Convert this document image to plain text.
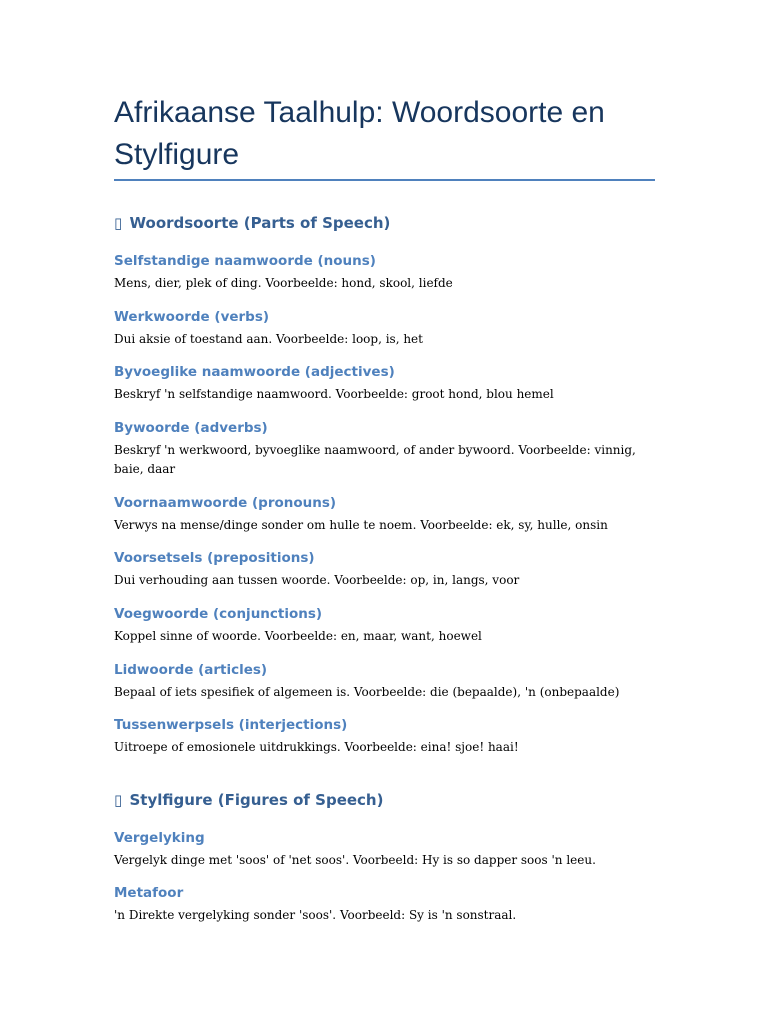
Afrikaanse Taalhulp: Woordsoorte en Stylfigure
▯ Woordsoorte (Parts of Speech)
Selfstandige naamwoorde (nouns)

Mens, dier, plek of ding. Voorbeelde: hond, skool, liefde

Werkwoorde (verbs)

Dui aksie of toestand aan. Voorbeelde: loop, is, het

Byvoeglike naamwoorde (adjectives)

Beskryf 'n selfstandige naamwoord. Voorbeelde: groot hond, blou hemel

Bywoorde (adverbs)

Beskryf 'n werkwoord, byvoeglike naamwoord, of ander bywoord. Voorbeelde: vinnig, baie, daar

Voornaamwoorde (pronouns)

Verwys na mense/dinge sonder om hulle te noem. Voorbeelde: ek, sy, hulle, onsin

Voorsetsels (prepositions)

Dui verhouding aan tussen woorde. Voorbeelde: op, in, langs, voor

Voegwoorde (conjunctions)

Koppel sinne of woorde. Voorbeelde: en, maar, want, hoewel

Lidwoorde (articles)

Bepaal of iets spesifiek of algemeen is. Voorbeelde: die (bepaalde), 'n (onbepaalde)

Tussenwerpsels (interjections)

Uitroepe of emosionele uitdrukkings. Voorbeelde: eina! sjoe! haai!

▯ Stylfigure (Figures of Speech)
Vergelyking

Vergelyk dinge met 'soos' of 'net soos'. Voorbeeld: Hy is so dapper soos 'n leeu.

Metafoor

'n Direkte vergelyking sonder 'soos'. Voorbeeld: Sy is 'n sonstraal.
